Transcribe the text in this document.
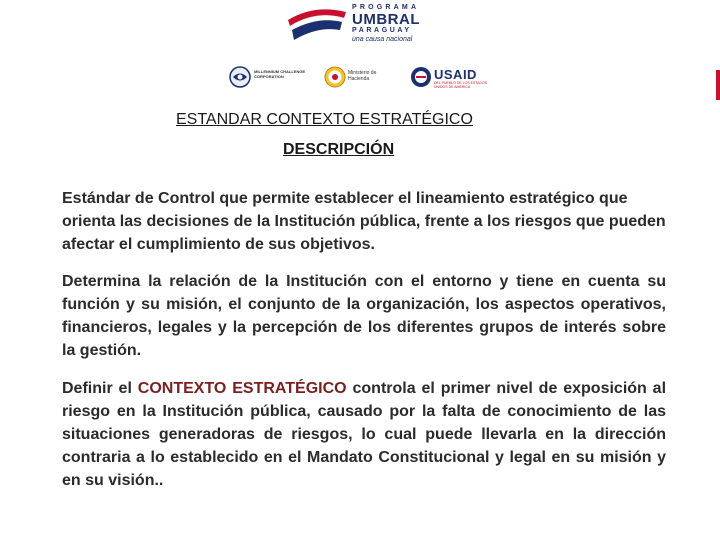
PROGRAMA
UMBRAL
PARAGUAY
una causa nacional
MILLENNIUM CHALLENGE CORPORATION	Ministerio de Hacienda	USAID
DEL PUEBLO DE LOS ESTADOS UNIDOS DE AMÉRICA
ESTANDAR CONTEXTO ESTRATÉGICO
DESCRIPCIÓN
Estándar de Control que permite establecer el lineamiento estratégico que orienta las decisiones de la Institución pública, frente a los riesgos que pueden afectar el cumplimiento de sus objetivos.
Determina la relación de la Institución con el entorno y tiene en cuenta su función y su misión, el conjunto de la organización, los aspectos operativos, financieros, legales y la percepción de los diferentes grupos de interés sobre la gestión.
Definir el CONTEXTO ESTRATÉGICO controla el primer nivel de exposición al riesgo en la Institución pública, causado por la falta de conocimiento de las situaciones generadoras de riesgos, lo cual puede llevarla en la dirección contraria a lo establecido en el Mandato Constitucional y legal en su misión y en su visión..
